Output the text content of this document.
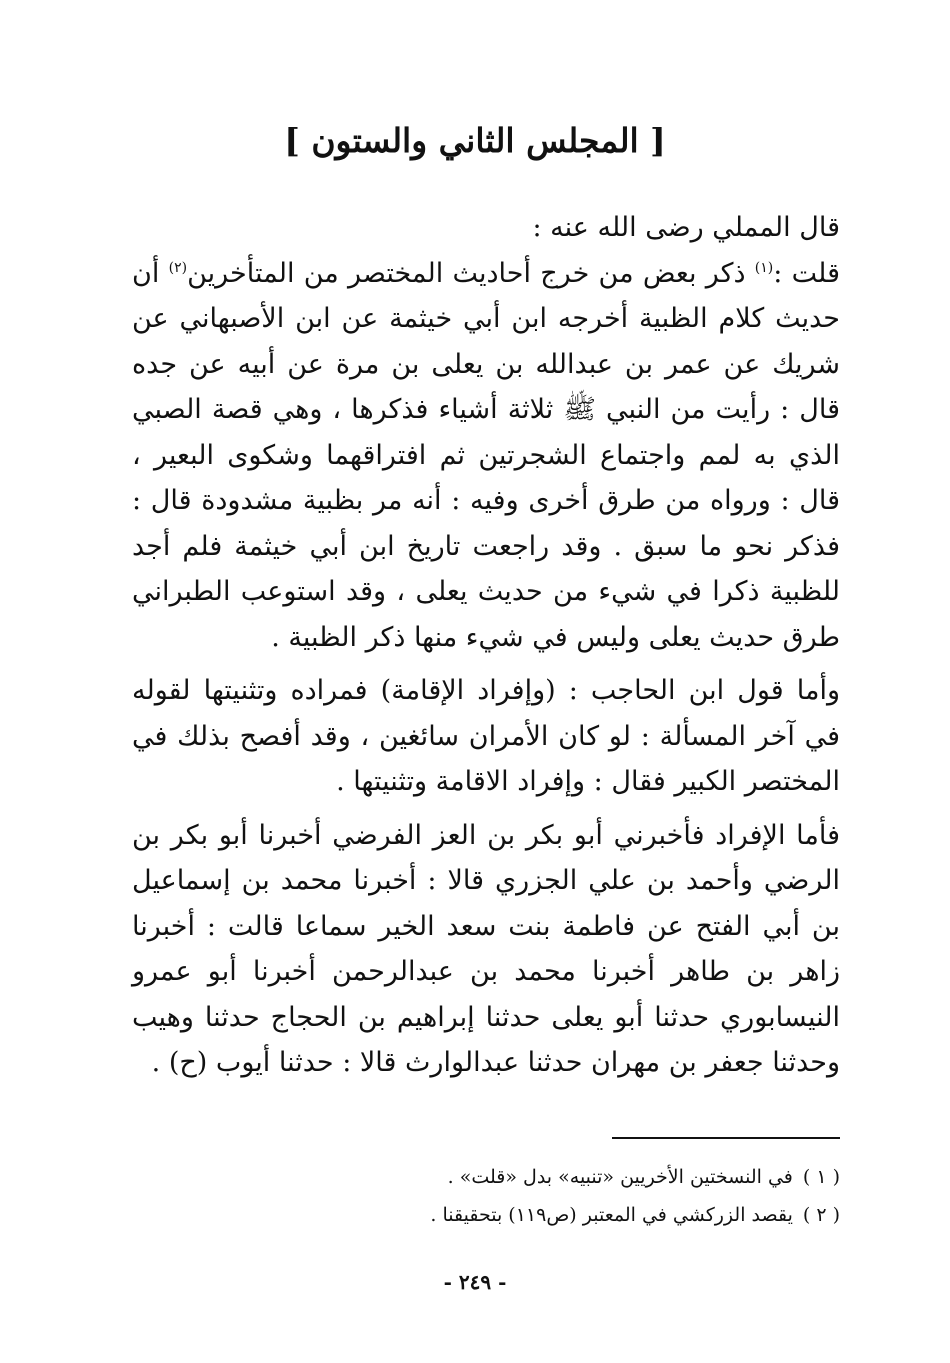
[ المجلس الثاني والستون ]

قال المملي رضى الله عنه :

قلت :$^{(١)}$ ذكر بعض من خرج أحاديث المختصر من المتأخرين$^{(٢)}$ أن حديث كلام الظبية أخرجه ابن أبي خيثمة عن ابن الأصبهاني عن شريك عن عمر بن عبدالله بن يعلى بن مرة عن أبيه عن جده قال : رأيت من النبي ﷺ ثلاثة أشياء فذكرها ، وهي قصة الصبي الذي به لمم واجتماع الشجرتين ثم افتراقهما وشكوى البعير ، قال : ورواه من طرق أخرى وفيه : أنه مر بظبية مشدودة قال : فذكر نحو ما سبق . وقد راجعت تاريخ ابن أبي خيثمة فلم أجد للظبية ذكرا في شيء من حديث يعلى ، وقد استوعب الطبراني طرق حديث يعلى وليس في شيء منها ذكر الظبية .

وأما قول ابن الحاجب : (وإفراد الإقامة) فمراده وتثنيتها لقوله في آخر المسألة : لو كان الأمران سائغين ، وقد أفصح بذلك في المختصر الكبير فقال : وإفراد الاقامة وتثنيتها .

فأما الإفراد فأخبرني أبو بكر بن العز الفرضي أخبرنا أبو بكر بن الرضي وأحمد بن علي الجزري قالا : أخبرنا محمد بن إسماعيل بن أبي الفتح عن فاطمة بنت سعد الخير سماعا قالت : أخبرنا زاهر بن طاهر أخبرنا محمد بن عبدالرحمن أخبرنا أبو عمرو النيسابوري حدثنا أبو يعلى حدثنا إبراهيم بن الحجاج حدثنا وهيب وحدثنا جعفر بن مهران حدثنا عبدالوارث قالا : حدثنا أيوب (ح) .

( ١ )في النسختين الأخريين «تنبيه» بدل «قلت» .
( ٢ )يقصد الزركشي في المعتبر (ص١١٩) بتحقيقنا .
- ٢٤٩ -
